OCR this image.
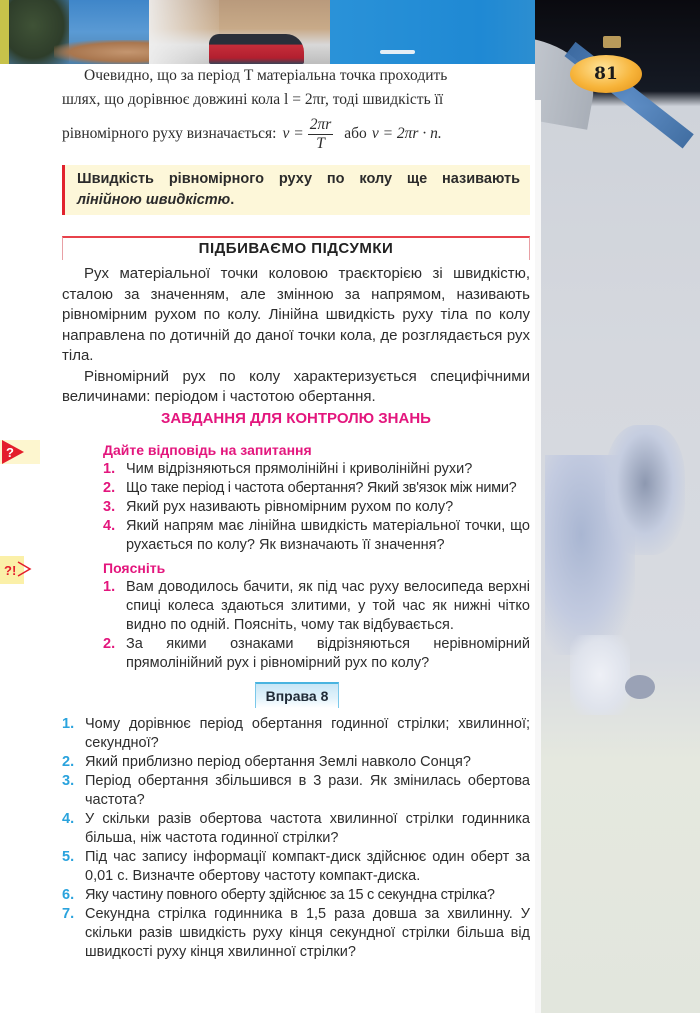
81
Очевидно, що за період T матеріальна точка проходить
шлях, що дорівнює довжині кола l = 2πr, тоді швидкість її
рівномірного руху визначається: $v = \frac{2\pi r}{T}$ або v = 2πr · n.
Швидкість рівномірного руху по колу ще називають лінійною швидкістю.
ПІДБИВАЄМО ПІДСУМКИ

Рух матеріальної точки коловою траєкторією зі швидкістю, сталою за значенням, але змінною за напрямом, називають рівномірним рухом по колу. Лінійна швидкість руху тіла по колу направлена по дотичній до даної точки кола, де розглядається рух тіла.

Рівномірний рух по колу характеризується специфічними величинами: періодом і частотою обертання.

ЗАВДАННЯ ДЛЯ КОНТРОЛЮ ЗНАНЬ
?	Дайте відповідь на запитання
1. Чим відрізняються прямолінійні і криволінійні рухи?
2. Що таке період і частота обертання? Який зв'язок між ними?
3. Який рух називають рівномірним рухом по колу?
4. Який напрям має лінійна швидкість матеріальної точки, що рухається по колу? Як визначають її значення?
?!	Поясніть
1. Вам доводилось бачити, як під час руху велосипеда верхні спиці колеса здаються злитими, у той час як нижні чітко видно по одній. Поясніть, чому так відбувається.
2. За якими ознаками відрізняються нерівномірний прямолінійний рух і рівномірний рух по колу?
Вправа 8
1. Чому дорівнює період обертання годинної стрілки; хвилинної; секундної?
2. Який приблизно період обертання Землі навколо Сонця?
3. Період обертання збільшився в 3 рази. Як змінилась обертова частота?
4. У скільки разів обертова частота хвилинної стрілки годинника більша, ніж частота годинної стрілки?
5. Під час запису інформації компакт-диск здійснює один оберт за 0,01 с. Визначте обертову частоту компакт-диска.
6. Яку частину повного оберту здійснює за 15 с секундна стрілка?
7. Секундна стрілка годинника в 1,5 раза довша за хвилинну. У скільки разів швидкість руху кінця секундної стрілки більша від швидкості руху кінця хвилинної стрілки?
